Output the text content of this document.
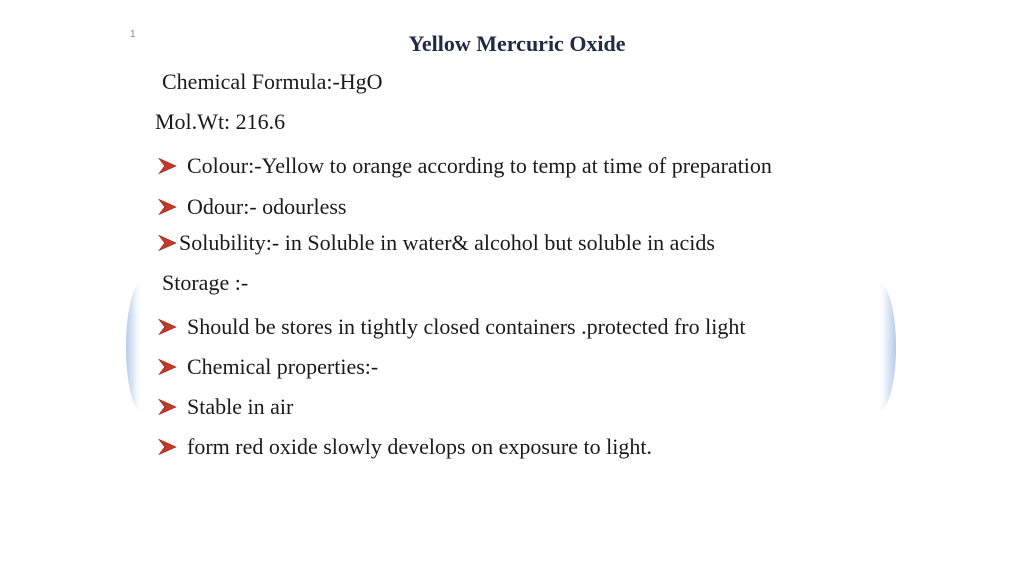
1	Yellow Mercuric Oxide
Chemical Formula:-HgO
Mol.Wt: 216.6
Colour:-Yellow to orange according to temp at time of preparation
Odour:- odourless
Solubility:- in Soluble in water& alcohol but soluble in acids
Storage :-
Should be stores in tightly closed containers .protected fro light
Chemical properties:-
Stable in air
form red oxide slowly develops on exposure to light.
